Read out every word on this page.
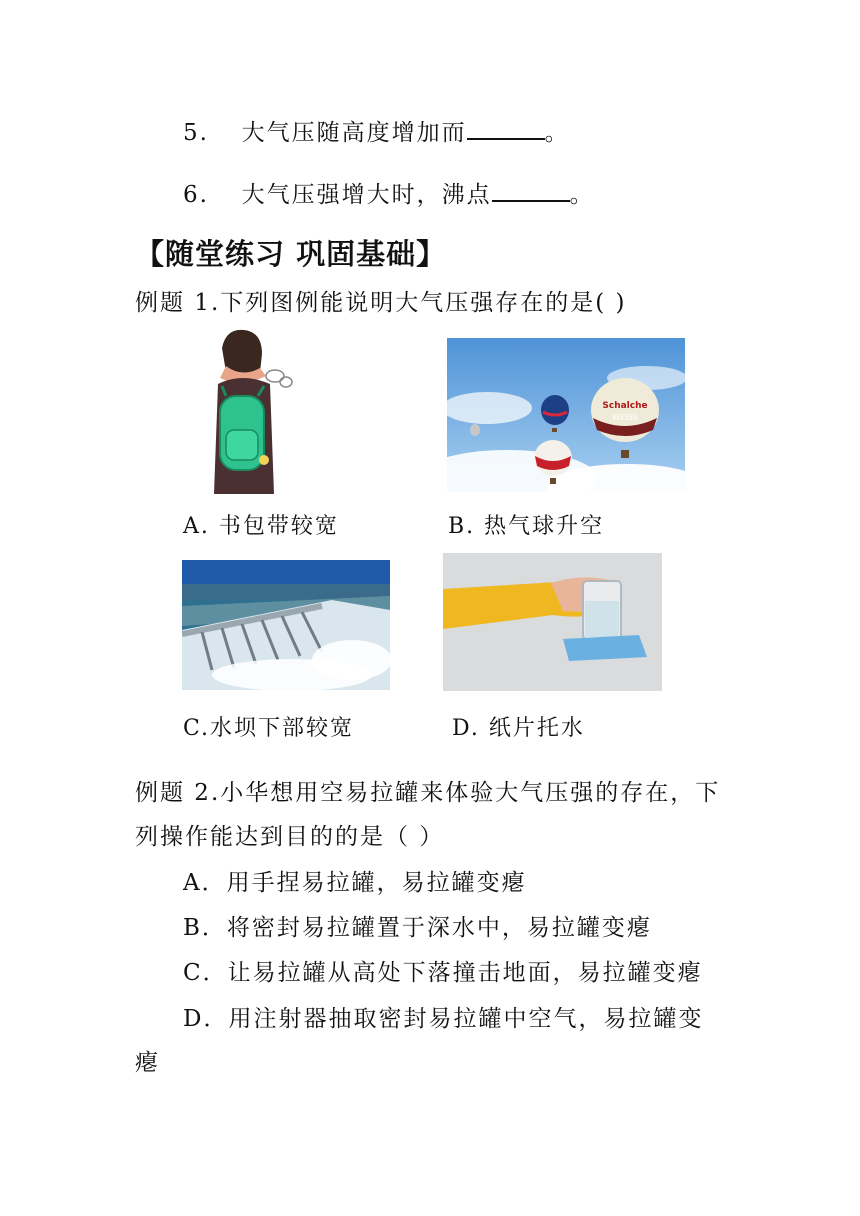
5. 大气压随高度增加而	。
6. 大气压强增大时，沸点	。
【随堂练习 巩固基础】
例题 1.下列图例能说明大气压强存在的是( )
Schalche
WEISS
A. 书包带较宽	B. 热气球升空
C.水坝下部较宽	D. 纸片托水
例题 2.小华想用空易拉罐来体验大气压强的存在，下
列操作能达到目的的是（ ）
A．用手捏易拉罐，易拉罐变瘪
B．将密封易拉罐置于深水中，易拉罐变瘪
C．让易拉罐从高处下落撞击地面，易拉罐变瘪
D．用注射器抽取密封易拉罐中空气，易拉罐变
瘪
